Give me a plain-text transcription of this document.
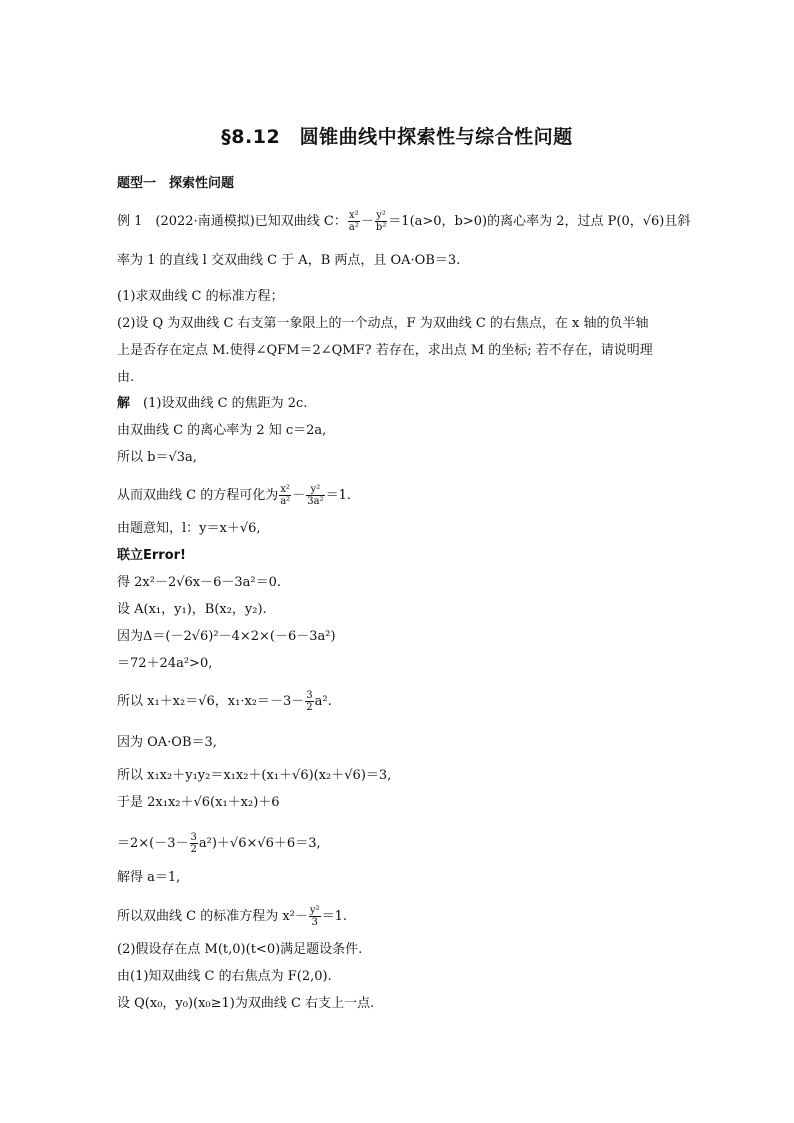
§8.12　圆锥曲线中探索性与综合性问题
题型一　探索性问题
例 1　 (2022·南通模拟)已知双曲线 C： $\frac{\text{x²}}{\text{a²}} - \frac{\text{y²}}{\text{b²}} =1(a>0$，b>0)的离心率为 2，过点 P(0，√6)且斜
率为 1 的直线 l 交双曲线 C 于 A，B 两点，且 OA·OB＝3.
(1)求双曲线 C 的标准方程；
(2)设 Q 为双曲线 C 右支第一象限上的一个动点，F 为双曲线 C 的右焦点，在 x 轴的负半轴
上是否存在定点 M.使得∠QFM＝2∠QMF? 若存在，求出点 M 的坐标; 若不存在，请说明理
由.
解　 (1)设双曲线 C 的焦距为 2c.
由双曲线 C 的离心率为 2 知 c＝2a,
所以 b＝√3a,
从而双曲线 C 的方程可化为 $\frac{\text{x²}}{\text{a²}} - \frac{\text{y²}}{\text{3a²}} =1$.
由题意知，l：y＝x＋√6,
联立Error!
得 2x²－2√6x－6－3a²＝0.
设 A(x₁，y₁)，B(x₂，y₂).
因为Δ＝(－2√6)²－4×2×(－6－3a²)
＝72＋24a²>0,
所以 x₁＋x₂＝√6，$x_1\cdot x_2=-3- \frac{3}{2} a^2$.
因为 OA·OB＝3,
所以 x₁x₂＋y₁y₂＝x₁x₂＋(x₁＋√6)(x₂＋√6)＝3,
于是 2x₁x₂＋√6(x₁＋x₂)＋6
$=2\times(-3- \frac{3}{2} a^2)+√6\times√6+6=3$,
解得 a＝1,
所以双曲线 C 的标准方程为 $x^2- \frac{\text{y²}}{3} =1$.
(2)假设存在点 M(t,0)(t<0)满足题设条件.
由(1)知双曲线 C 的右焦点为 F(2,0).
设 Q(x₀，y₀)(x₀≥1)为双曲线 C 右支上一点.
